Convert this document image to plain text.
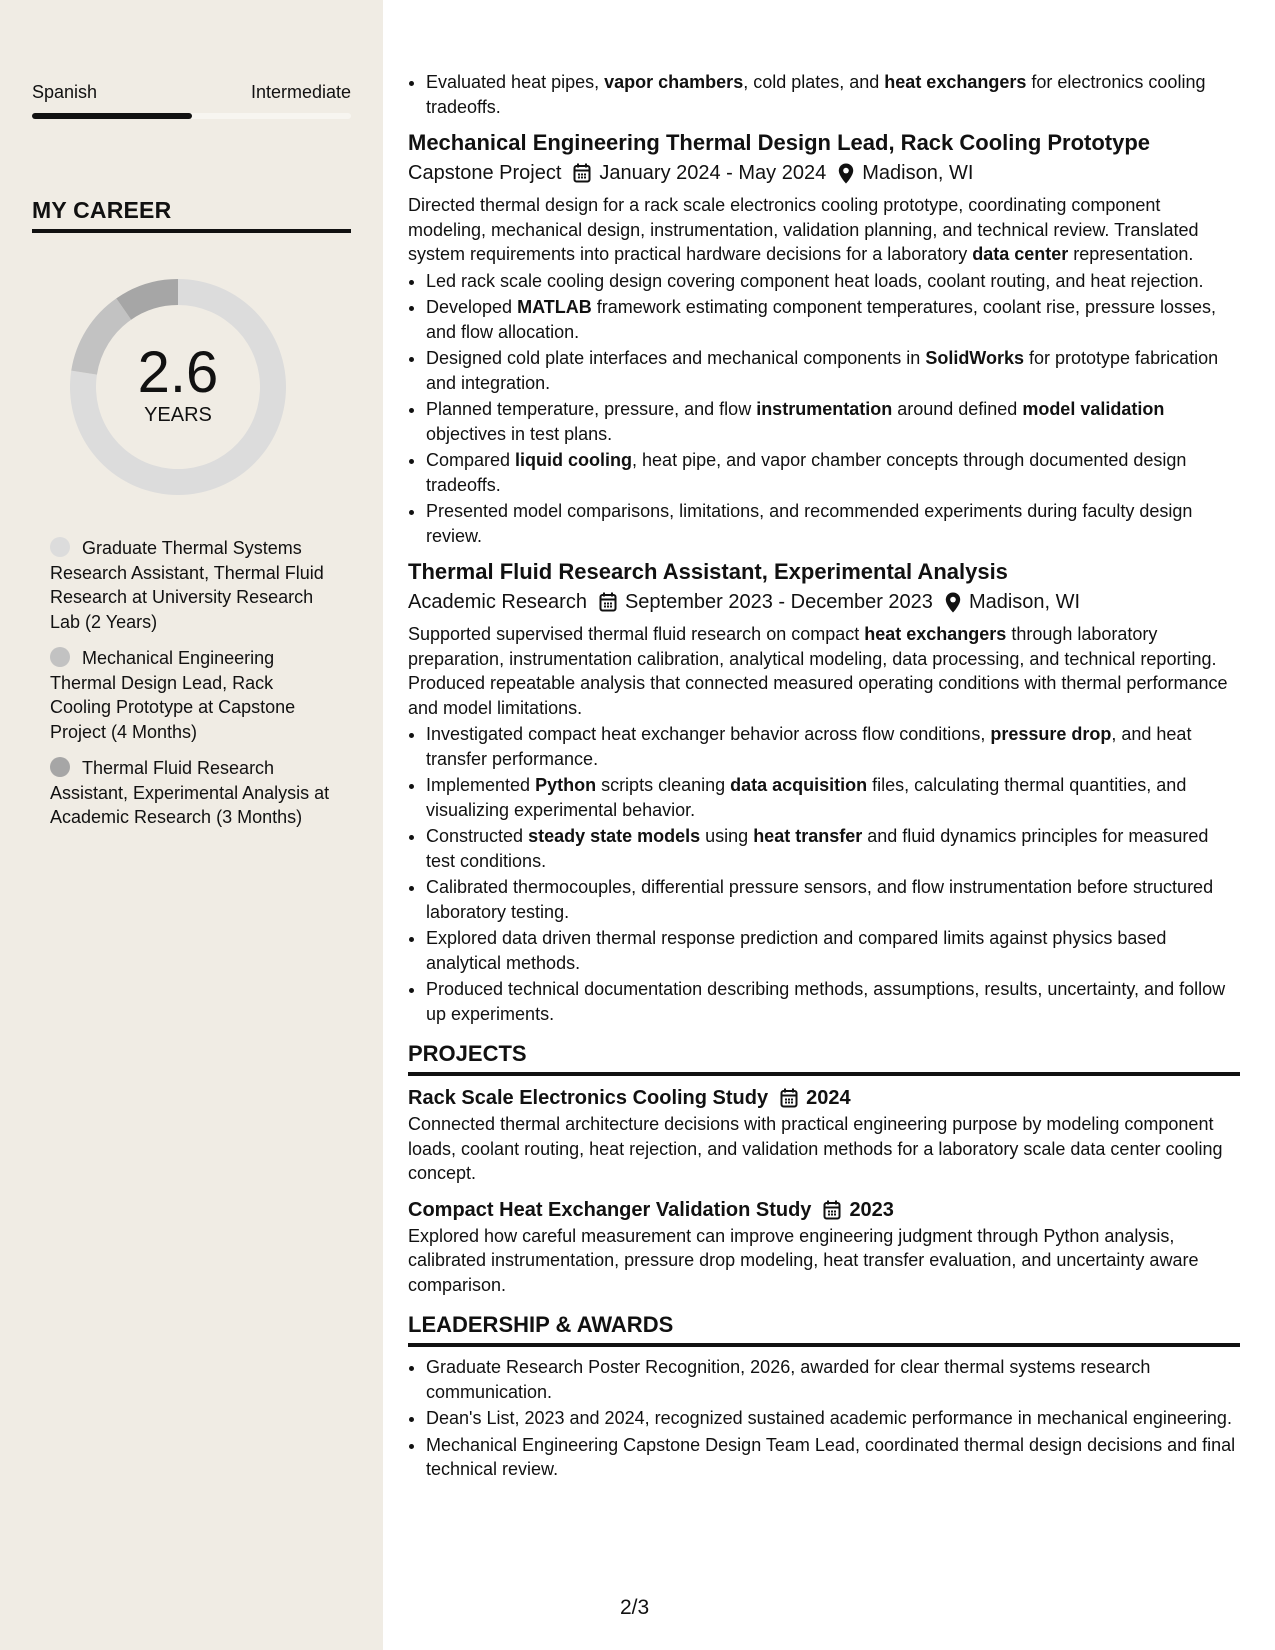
Spanish	Intermediate
MY CAREER
2.6
YEARS
Graduate Thermal Systems Research Assistant, Thermal Fluid Research at University Research Lab (2 Years)
Mechanical Engineering Thermal Design Lead, Rack Cooling Prototype at Capstone Project (4 Months)
Thermal Fluid Research Assistant, Experimental Analysis at Academic Research (3 Months)
• Evaluated heat pipes, vapor chambers, cold plates, and heat exchangers for electronics cooling tradeoffs.
Mechanical Engineering Thermal Design Lead, Rack Cooling Prototype
Capstone Project January 2024 - May 2024 Madison, WI
Directed thermal design for a rack scale electronics cooling prototype, coordinating component modeling, mechanical design, instrumentation, validation planning, and technical review. Translated system requirements into practical hardware decisions for a laboratory data center representation.
• Led rack scale cooling design covering component heat loads, coolant routing, and heat rejection.
• Developed MATLAB framework estimating component temperatures, coolant rise, pressure losses, and flow allocation.
• Designed cold plate interfaces and mechanical components in SolidWorks for prototype fabrication and integration.
• Planned temperature, pressure, and flow instrumentation around defined model validation objectives in test plans.
• Compared liquid cooling, heat pipe, and vapor chamber concepts through documented design tradeoffs.
• Presented model comparisons, limitations, and recommended experiments during faculty design review.
Thermal Fluid Research Assistant, Experimental Analysis
Academic Research September 2023 - December 2023 Madison, WI
Supported supervised thermal fluid research on compact heat exchangers through laboratory preparation, instrumentation calibration, analytical modeling, data processing, and technical reporting. Produced repeatable analysis that connected measured operating conditions with thermal performance and model limitations.
• Investigated compact heat exchanger behavior across flow conditions, pressure drop, and heat transfer performance.
• Implemented Python scripts cleaning data acquisition files, calculating thermal quantities, and visualizing experimental behavior.
• Constructed steady state models using heat transfer and fluid dynamics principles for measured test conditions.
• Calibrated thermocouples, differential pressure sensors, and flow instrumentation before structured laboratory testing.
• Explored data driven thermal response prediction and compared limits against physics based analytical methods.
• Produced technical documentation describing methods, assumptions, results, uncertainty, and follow up experiments.
PROJECTS
Rack Scale Electronics Cooling Study 2024
Connected thermal architecture decisions with practical engineering purpose by modeling component loads, coolant routing, heat rejection, and validation methods for a laboratory scale data center cooling concept.
Compact Heat Exchanger Validation Study 2023
Explored how careful measurement can improve engineering judgment through Python analysis, calibrated instrumentation, pressure drop modeling, heat transfer evaluation, and uncertainty aware comparison.
LEADERSHIP & AWARDS
• Graduate Research Poster Recognition, 2026, awarded for clear thermal systems research communication.
• Dean's List, 2023 and 2024, recognized sustained academic performance in mechanical engineering.
• Mechanical Engineering Capstone Design Team Lead, coordinated thermal design decisions and final technical review.
2/3
